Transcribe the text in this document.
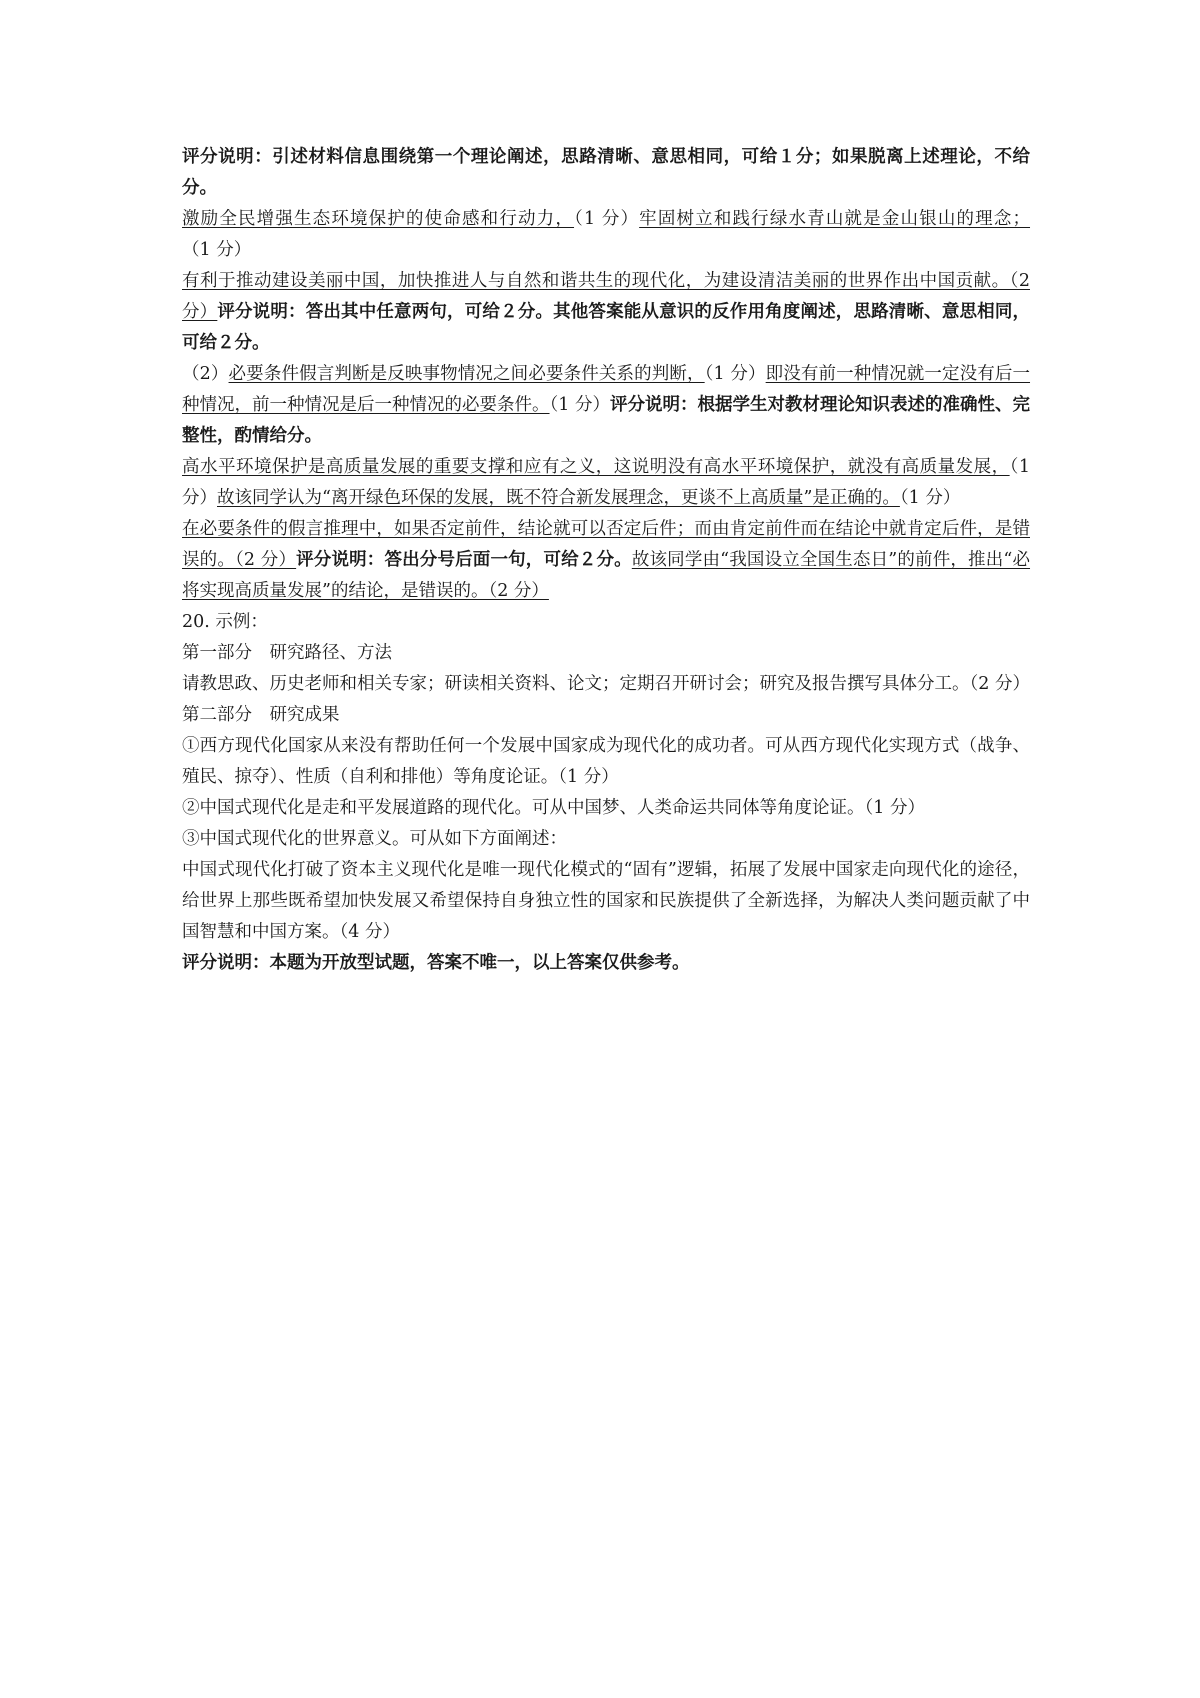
评分说明：引述材料信息围绕第一个理论阐述，思路清晰、意思相同，可给１分；如果脱离上述理论，不给分。

激励全民增强生态环境保护的使命感和行动力，（1 分）牢固树立和践行绿水青山就是金山银山的理念；（1 分）

有利于推动建设美丽中国，加快推进人与自然和谐共生的现代化，为建设清洁美丽的世界作出中国贡献。（2 分）评分说明：答出其中任意两句，可给２分。其他答案能从意识的反作用角度阐述，思路清晰、意思相同，可给２分。

（2）必要条件假言判断是反映事物情况之间必要条件关系的判断，（1 分）即没有前一种情况就一定没有后一种情况，前一种情况是后一种情况的必要条件。（1 分）评分说明：根据学生对教材理论知识表述的准确性、完整性，酌情给分。

高水平环境保护是高质量发展的重要支撑和应有之义，这说明没有高水平环境保护，就没有高质量发展，（1 分）故该同学认为“离开绿色环保的发展，既不符合新发展理念，更谈不上高质量”是正确的。（1 分）

在必要条件的假言推理中，如果否定前件，结论就可以否定后件；而由肯定前件而在结论中就肯定后件，是错误的。（2 分）评分说明：答出分号后面一句，可给２分。故该同学由“我国设立全国生态日”的前件，推出“必将实现高质量发展”的结论，是错误的。（2 分）

20. 示例：

第一部分　研究路径、方法

请教思政、历史老师和相关专家；研读相关资料、论文；定期召开研讨会；研究及报告撰写具体分工。（2 分）

第二部分　研究成果

①西方现代化国家从来没有帮助任何一个发展中国家成为现代化的成功者。可从西方现代化实现方式（战争、殖民、掠夺）、性质（自利和排他）等角度论证。（1 分）

②中国式现代化是走和平发展道路的现代化。可从中国梦、人类命运共同体等角度论证。（1 分）

③中国式现代化的世界意义。可从如下方面阐述：

中国式现代化打破了资本主义现代化是唯一现代化模式的“固有”逻辑，拓展了发展中国家走向现代化的途径，给世界上那些既希望加快发展又希望保持自身独立性的国家和民族提供了全新选择，为解决人类问题贡献了中国智慧和中国方案。（4 分）

评分说明：本题为开放型试题，答案不唯一，以上答案仅供参考。
